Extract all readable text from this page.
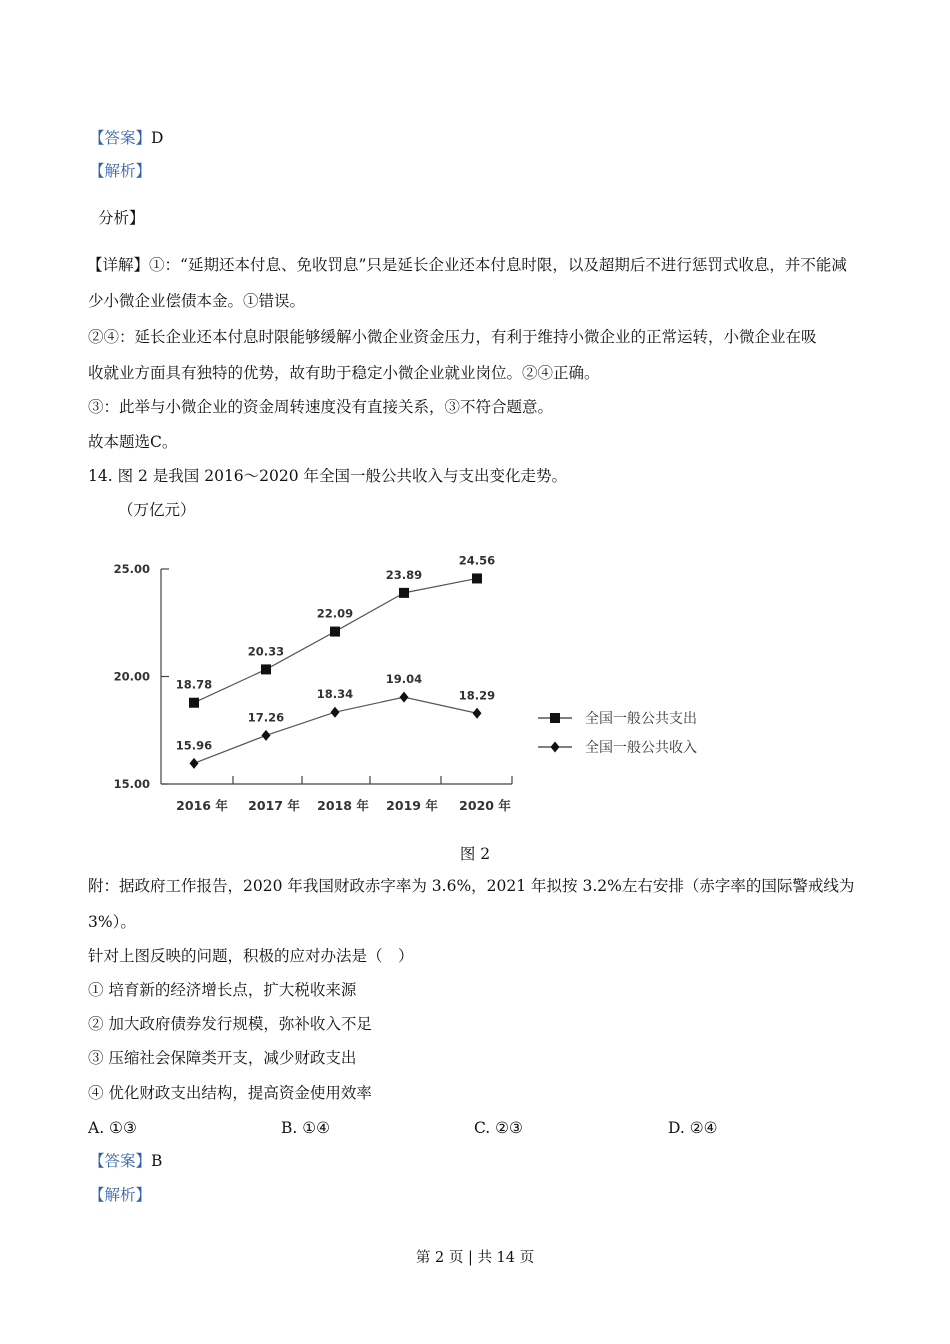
【答案】D
【解析】
分析】
【详解】①：“延期还本付息、免收罚息”只是延长企业还本付息时限，以及超期后不进行惩罚式收息，并不能减
少小微企业偿债本金。①错误。
②④：延长企业还本付息时限能够缓解小微企业资金压力，有利于维持小微企业的正常运转，小微企业在吸
收就业方面具有独特的优势，故有助于稳定小微企业就业岗位。②④正确。
③：此举与小微企业的资金周转速度没有直接关系，③不符合题意。
故本题选C。
14. 图 2 是我国 2016～2020 年全国一般公共收入与支出变化走势。
（万亿元）
15.00
20.00
25.00
2016 年 2017 年 2018 年 2019 年 2020 年
18.78
20.33
22.09
23.89
24.56
15.96
17.26
18.34
19.04
18.29
全国一般公共支出
全国一般公共收入
图 2
附：据政府工作报告，2020 年我国财政赤字率为 3.6%，2021 年拟按 3.2%左右安排（赤字率的国际警戒线为
3%）。
针对上图反映的问题，积极的应对办法是（　）
① 培育新的经济增长点，扩大税收来源
② 加大政府债券发行规模，弥补收入不足
③ 压缩社会保障类开支，减少财政支出
④ 优化财政支出结构，提高资金使用效率
A. ①③	B. ①④	C. ②③	D. ②④
【答案】B
【解析】
第 2 页 | 共 14 页
